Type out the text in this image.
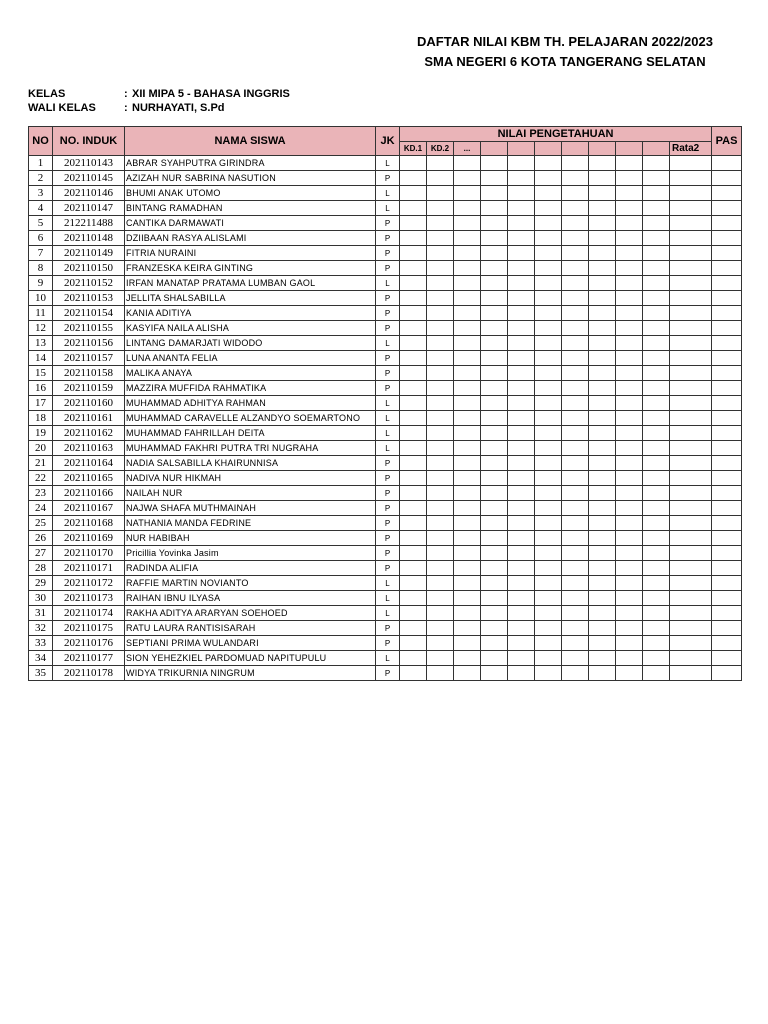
DAFTAR NILAI KBM TH. PELAJARAN 2022/2023
SMA NEGERI 6 KOTA TANGERANG SELATAN
KELAS	: XII MIPA 5 - BAHASA INGGRIS
WALI KELAS	: NURHAYATI, S.Pd
NO	NO. INDUK	NAMA SISWA	JK	NILAI PENGETAHUAN											PAS
				KD.1	KD.2	...								Rata2	
1	202110143	ABRAR SYAHPUTRA GIRINDRA	L												
2	202110145	AZIZAH NUR SABRINA NASUTION	P												
3	202110146	BHUMI ANAK UTOMO	L												
4	202110147	BINTANG RAMADHAN	L												
5	212211488	CANTIKA DARMAWATI	P												
6	202110148	DZIIBAAN RASYA ALISLAMI	P												
7	202110149	FITRIA NURAINI	P												
8	202110150	FRANZESKA KEIRA GINTING	P												
9	202110152	IRFAN MANATAP PRATAMA LUMBAN GAOL	L												
10	202110153	JELLITA SHALSABILLA	P												
11	202110154	KANIA ADITIYA	P												
12	202110155	KASYIFA NAILA ALISHA	P												
13	202110156	LINTANG DAMARJATI WIDODO	L												
14	202110157	LUNA ANANTA FELIA	P												
15	202110158	MALIKA ANAYA	P												
16	202110159	MAZZIRA MUFFIDA RAHMATIKA	P												
17	202110160	MUHAMMAD ADHITYA RAHMAN	L												
18	202110161	MUHAMMAD CARAVELLE ALZANDYO SOEMARTONO	L												
19	202110162	MUHAMMAD FAHRILLAH DEITA	L												
20	202110163	MUHAMMAD FAKHRI PUTRA TRI NUGRAHA	L												
21	202110164	NADIA SALSABILLA KHAIRUNNISA	P												
22	202110165	NADIVA NUR HIKMAH	P												
23	202110166	NAILAH NUR	P												
24	202110167	NAJWA SHAFA MUTHMAINAH	P												
25	202110168	NATHANIA MANDA FEDRINE	P												
26	202110169	NUR HABIBAH	P												
27	202110170	Pricillia Yovinka Jasim	P												
28	202110171	RADINDA ALIFIA	P												
29	202110172	RAFFIE MARTIN NOVIANTO	L												
30	202110173	RAIHAN IBNU ILYASA	L												
31	202110174	RAKHA ADITYA ARARYAN SOEHOED	L												
32	202110175	RATU LAURA RANTISISARAH	P												
33	202110176	SEPTIANI PRIMA WULANDARI	P												
34	202110177	SION YEHEZKIEL PARDOMUAD NAPITUPULU	L												
35	202110178	WIDYA TRIKURNIA NINGRUM	P												
